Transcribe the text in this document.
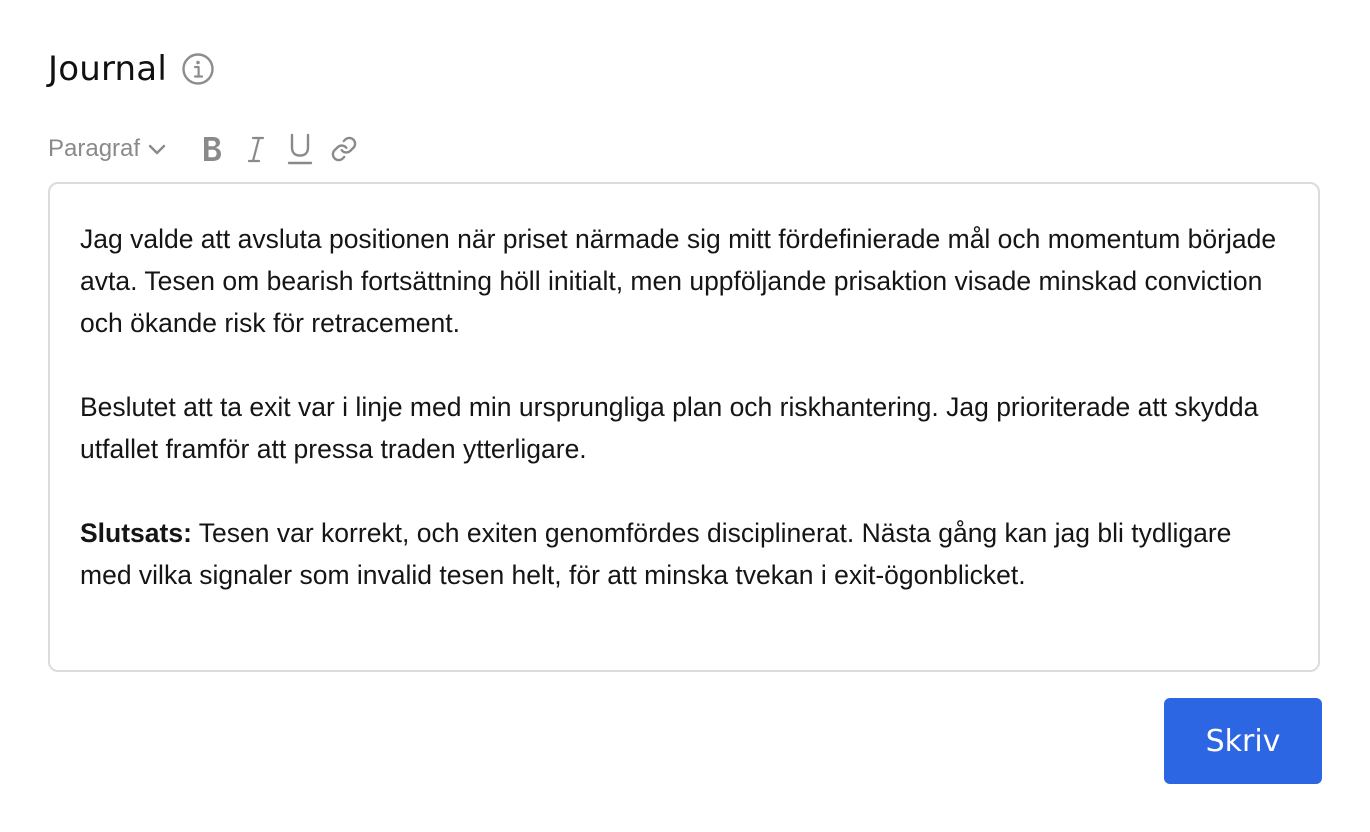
Journal
Paragraf

Jag valde att avsluta positionen när priset närmade sig mitt fördefinierade mål och momentum började avta. Tesen om bearish fortsättning höll initialt, men uppföljande prisaktion visade minskad conviction och ökande risk för retracement.

Beslutet att ta exit var i linje med min ursprungliga plan och riskhantering. Jag prioriterade att skydda utfallet framför att pressa traden ytterligare.

Slutsats: Tesen var korrekt, och exiten genomfördes disciplinerat. Nästa gång kan jag bli tydligare med vilka signaler som invalid tesen helt, för att minska tvekan i exit-ögonblicket.

Skriv
